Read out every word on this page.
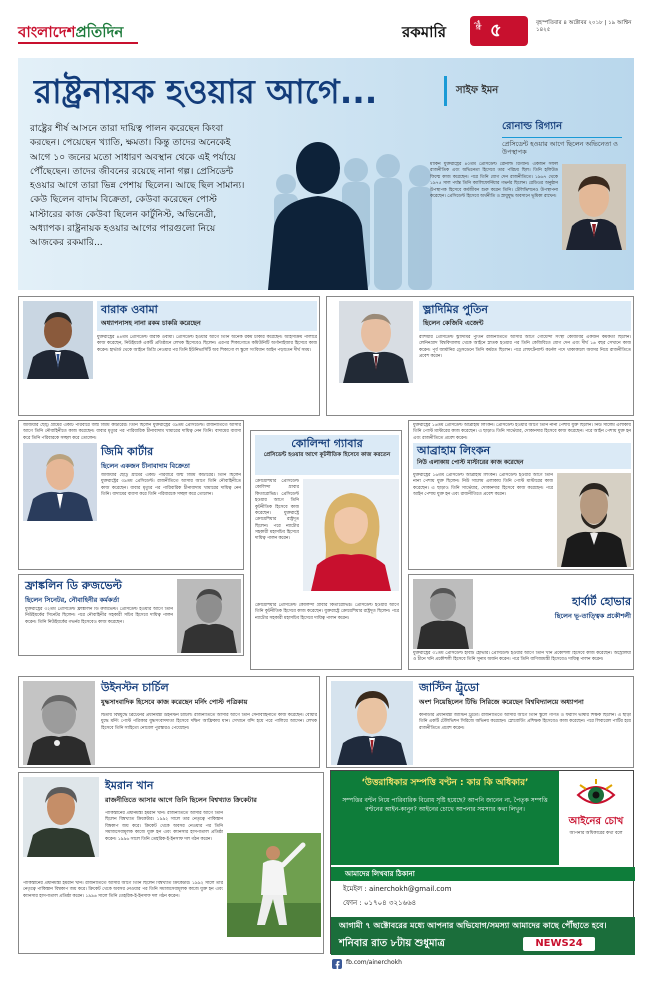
বাংলাদেশপ্রতিদিন	রকমারি	পৃষ্ঠা ৫	বৃহস্পতিবার ৪ অক্টোবর ২০১৮ | ১৯ আশ্বিন ১৪২৫
রাষ্ট্রনায়ক হওয়ার আগে...	সাইফ ইমন
রাষ্ট্রের শীর্ষ আসনে তারা দায়িত্ব পালন করেছেন কিংবা করছেন। পেয়েছেন খ্যাতি, ক্ষমতা। কিন্তু তাদের অনেকেই আগে ১০ জনের মতো সাধারণ অবস্থান থেকে এই পর্যায়ে পৌঁছেছেন। তাদের জীবনের রয়েছে নানা গল্প। প্রেসিডেন্ট হওয়ার আগে তারা ভিন্ন পেশায় ছিলেন। আছে ছিল সামান্য। কেউ ছিলেন বাদাম বিক্রেতা, কেউবা করেছেন পোস্ট মাস্টারের কাজ কেউবা ছিলেন কার্টুনিস্ট, অভিনেত্রী, অধ্যাপক। রাষ্ট্রনায়ক হওয়ার আগের পারগুলো নিয়ে আজকের রকমারি...
রোনাল্ড রিগ্যান
প্রেসিডেন্ট হওয়ার আগে ছিলেন অভিনেতা ও উপস্থাপক
মার্কিন যুক্তরাষ্ট্রের ৪০তম প্রেসিডেন্ট রোনাল্ড রিগ্যান। একজন সফল রাজনীতিক এবং অভিনেতা হিসেবে তার পরিচয় ছিল। তিনি হলিউড ফিল্মে কাজ করেছেন। পরে তিনি যোগ দেন রাজনীতিতে। ১৯৬৭ থেকে ১৯৭৫ সাল পর্যন্ত তিনি ক্যালিফোর্নিয়ার গভর্নর ছিলেন। রেডিওর অনুষ্ঠান উপস্থাপক হিসেবে কর্মজীবন শুরু করেন তিনি। টেলিভিশনেও উপস্থাপনা করেছেন। প্রেসিডেন্ট হিসেবে অর্থনীতি ও স্নায়ুযুদ্ধ অবসানে ভূমিকা রাখেন।
বারাক ওবামা
অধ্যাপনাসহ নানা রকম চাকরি করেছেন
যুক্তরাষ্ট্রের ৪৪তম প্রেসিডেন্ট বারাক ওবামা। প্রেসিডেন্ট হওয়ার আগে তিনি অনেক রকম চাকরি করেছেন। আইসক্রিম পার্লারে কাজ করেছেন, নিউইয়র্কে একটি প্রতিষ্ঠানে লেখক হিসেবেও ছিলেন। এরপর শিকাগোতে কমিউনিটি অর্গানাইজার হিসেবে কাজ করেন। হার্ভার্ড থেকে আইনে ডিগ্রি নেওয়ার পর তিনি ইউনিভার্সিটি অব শিকাগো ল স্কুলে সংবিধান আইন পড়াতেন দীর্ঘ সময়।
ভ্লাদিমির পুতিন
ছিলেন কেজিবি এজেন্ট
রাশিয়ার প্রেসিডেন্ট ভ্লাদিমির পুতিন রাজনীতিতে আসার আগে গোয়েন্দা সংস্থা কেজিবির একজন কর্মকর্তা ছিলেন। লেনিনগ্রাদ বিশ্ববিদ্যালয় থেকে আইনে স্নাতক হওয়ার পর তিনি কেজিবিতে যোগ দেন এবং দীর্ঘ ১৬ বছর সেখানে কাজ করেন। পূর্ব জার্মানির ড্রেসডেনে তিনি কর্মরত ছিলেন। পরে লেফটেন্যান্ট কর্নেল পদে থাকাকালে অবসর নিয়ে রাজনীতিতে প্রবেশ করেন।
জর্জিয়ার ছোট্ট গ্রামের একটি পরিবারে জন্ম জিমি কার্টারের। তিনি ছিলেন যুক্তরাষ্ট্রের ৩৯তম প্রেসিডেন্ট। রাজনীতিতে আসার আগে তিনি নৌবাহিনীতে কাজ করেছেন। বাবার মৃত্যুর পর পারিবারিক চীনাবাদাম খামারের দায়িত্ব নেন তিনি। বাদামের ব্যবসা করে তিনি পরিবারকে সচ্ছল করে তোলেন।
জিমি কার্টার
ছিলেন একজন চীনাবাদাম বিক্রেতা
জর্জিয়ার ছোট্ট গ্রামের একটি পরিবারে জন্ম জিমি কার্টারের। তিনি ছিলেন যুক্তরাষ্ট্রের ৩৯তম প্রেসিডেন্ট। রাজনীতিতে আসার আগে তিনি নৌবাহিনীতে কাজ করেছেন। বাবার মৃত্যুর পর পারিবারিক চীনাবাদাম খামারের দায়িত্ব নেন তিনি। বাদামের ব্যবসা করে তিনি পরিবারকে সচ্ছল করে তোলেন।
ফ্রাঙ্কলিন ডি রুজভেল্ট
ছিলেন সিনেটর, নৌবাহিনীর কর্মকর্তা
যুক্তরাষ্ট্রের ৩২তম প্রেসিডেন্ট ফ্রাঙ্কলিন ডি রুজভেল্ট। প্রেসিডেন্ট হওয়ার আগে তিনি নিউইয়র্কের সিনেটর ছিলেন। পরে নৌবাহিনীর সহকারী সচিব হিসেবে দায়িত্ব পালন করেন। তিনি নিউইয়র্কের গভর্নর হিসেবেও কাজ করেছেন।
কোলিন্দা গ্যাবার
প্রেসিডেন্ট হওয়ার আগে কূটনীতিক হিসেবে কাজ করতেন
ক্রোয়েশিয়ার প্রেসিডেন্ট কোলিন্দা গ্রাবার কিতারোভিচ। প্রেসিডেন্ট হওয়ার আগে তিনি কূটনীতিক হিসেবে কাজ করেছেন। যুক্তরাষ্ট্রে ক্রোয়েশিয়ার রাষ্ট্রদূত ছিলেন। পরে ন্যাটোর সহকারী মহাসচিব হিসেবে দায়িত্ব পালন করেন।
ক্রোয়েশিয়ার প্রেসিডেন্ট কোলিন্দা গ্রাবার কিতারোভিচ। প্রেসিডেন্ট হওয়ার আগে তিনি কূটনীতিক হিসেবে কাজ করেছেন। যুক্তরাষ্ট্রে ক্রোয়েশিয়ার রাষ্ট্রদূত ছিলেন। পরে ন্যাটোর সহকারী মহাসচিব হিসেবে দায়িত্ব পালন করেন।
যুক্তরাষ্ট্রের ১৬তম প্রেসিডেন্ট আব্রাহাম লিংকন। প্রেসিডেন্ট হওয়ার আগে তিনি নানা পেশায় যুক্ত ছিলেন। নিউ সালেম এলাকায় তিনি পোস্ট মাস্টারের কাজ করেছেন। এ ছাড়াও তিনি সার্ভেয়ার, দোকানদার হিসেবে কাজ করেছেন। পরে আইন পেশায় যুক্ত হন এবং রাজনীতিতে প্রবেশ করেন।
আব্রাহাম লিংকন
নিউ এলাকায় পোস্ট মাস্টারের কাজ করেছেন
যুক্তরাষ্ট্রের ১৬তম প্রেসিডেন্ট আব্রাহাম লিংকন। প্রেসিডেন্ট হওয়ার আগে তিনি নানা পেশায় যুক্ত ছিলেন। নিউ সালেম এলাকায় তিনি পোস্ট মাস্টারের কাজ করেছেন। এ ছাড়াও তিনি সার্ভেয়ার, দোকানদার হিসেবে কাজ করেছেন। পরে আইন পেশায় যুক্ত হন এবং রাজনীতিতে প্রবেশ করেন।
হার্বার্ট হোভার
ছিলেন ভূ-তাত্ত্বিক প্রকৌশলী
যুক্তরাষ্ট্রের ৩১তম প্রেসিডেন্ট হার্বার্ট হোভার। প্রেসিডেন্ট হওয়ার আগে তিনি খনি প্রকৌশলী হিসেবে কাজ করেছেন। অস্ট্রেলিয়া ও চীনে খনি প্রকৌশলী হিসেবে তিনি সুনাম অর্জন করেন। পরে তিনি বাণিজ্যমন্ত্রী হিসেবেও দায়িত্ব পালন করেন।
উইনস্টন চার্চিল
যুদ্ধসাংবাদিক হিসেবে কাজ করেছেন মর্নিং পোস্ট পত্রিকায়
দ্বিতীয় বিশ্বযুদ্ধে ব্রিটেনের প্রধানমন্ত্রী উইনস্টন চার্চিল। রাজনীতিতে আসার আগে তিনি সেনাবাহিনীতে কাজ করেছেন। বোয়ার যুদ্ধে মর্নিং পোস্ট পত্রিকার যুদ্ধসংবাদদাতা হিসেবে দক্ষিণ আফ্রিকায় যান। সেখানে বন্দি হয়ে পরে পালিয়ে আসেন। লেখক হিসেবে তিনি সাহিত্যে নোবেল পুরস্কারও পেয়েছেন।
জাস্টিন ট্রুডো
অংশ নিয়েছিলেন টিভি সিরিজে করেছেন বিশ্ববিদ্যালয়ে অধ্যাপনা
কানাডার প্রধানমন্ত্রী জাস্টিন ট্রুডো। রাজনীতিতে আসার আগে তিনি স্কুলে গণিত ও ফরাসি ভাষার শিক্ষক ছিলেন। এ ছাড়া তিনি একটি টেলিভিশন সিরিজে অভিনয় করেছেন। স্নোবোর্ডিং প্রশিক্ষক হিসেবেও কাজ করেছেন। পরে লিবারেল পার্টির হয়ে রাজনীতিতে প্রবেশ করেন।
ইমরান খান
রাজনীতিতে আসার আগে তিনি ছিলেন বিশ্বখ্যাত ক্রিকেটার
পাকিস্তানের প্রধানমন্ত্রী ইমরান খান। রাজনীতিতে আসার আগে তিনি ছিলেন বিশ্বখ্যাত ক্রিকেটার। ১৯৯২ সালে তার নেতৃত্বে পাকিস্তান বিশ্বকাপ জয় করে। ক্রিকেট থেকে অবসর নেওয়ার পর তিনি সমাজসেবামূলক কাজে যুক্ত হন এবং ক্যানসার হাসপাতাল প্রতিষ্ঠা করেন। ১৯৯৬ সালে তিনি তেহরিক-ই-ইনসাফ দল গঠন করেন।
পাকিস্তানের প্রধানমন্ত্রী ইমরান খান। রাজনীতিতে আসার আগে তিনি ছিলেন বিশ্বখ্যাত ক্রিকেটার। ১৯৯২ সালে তার নেতৃত্বে পাকিস্তান বিশ্বকাপ জয় করে। ক্রিকেট থেকে অবসর নেওয়ার পর তিনি সমাজসেবামূলক কাজে যুক্ত হন এবং ক্যানসার হাসপাতাল প্রতিষ্ঠা করেন। ১৯৯৬ সালে তিনি তেহরিক-ই-ইনসাফ দল গঠন করেন।
‘উত্তরাধিকার সম্পত্তি বণ্টন : কার কি অধিকার’
সম্পত্তির বণ্টন নিয়ে পারিবারিক বিরোধ সৃষ্টি হয়েছে? আপনি জানেন না, পৈতৃক সম্পত্তি বণ্টনের আইন-কানুন? আইনের চোখে আপনার সমস্যার কথা লিখুন।
আইনের চোখ
আপনার অধিকারের কথা বলে
আমাদের লিখবার ঠিকানা
ইমেইল : ainerchokh@gmail.com
ফোন : ০১৭০৪ ৩২১৬৬৪
আগামী ৭ অক্টোবরের মধ্যে আপনার অভিযোগ/সমস্যা আমাদের কাছে পৌঁছাতে হবে।
শনিবার রাত ৮টায় শুধুমাত্র	NEWS24
fb.com/ainerchokh
